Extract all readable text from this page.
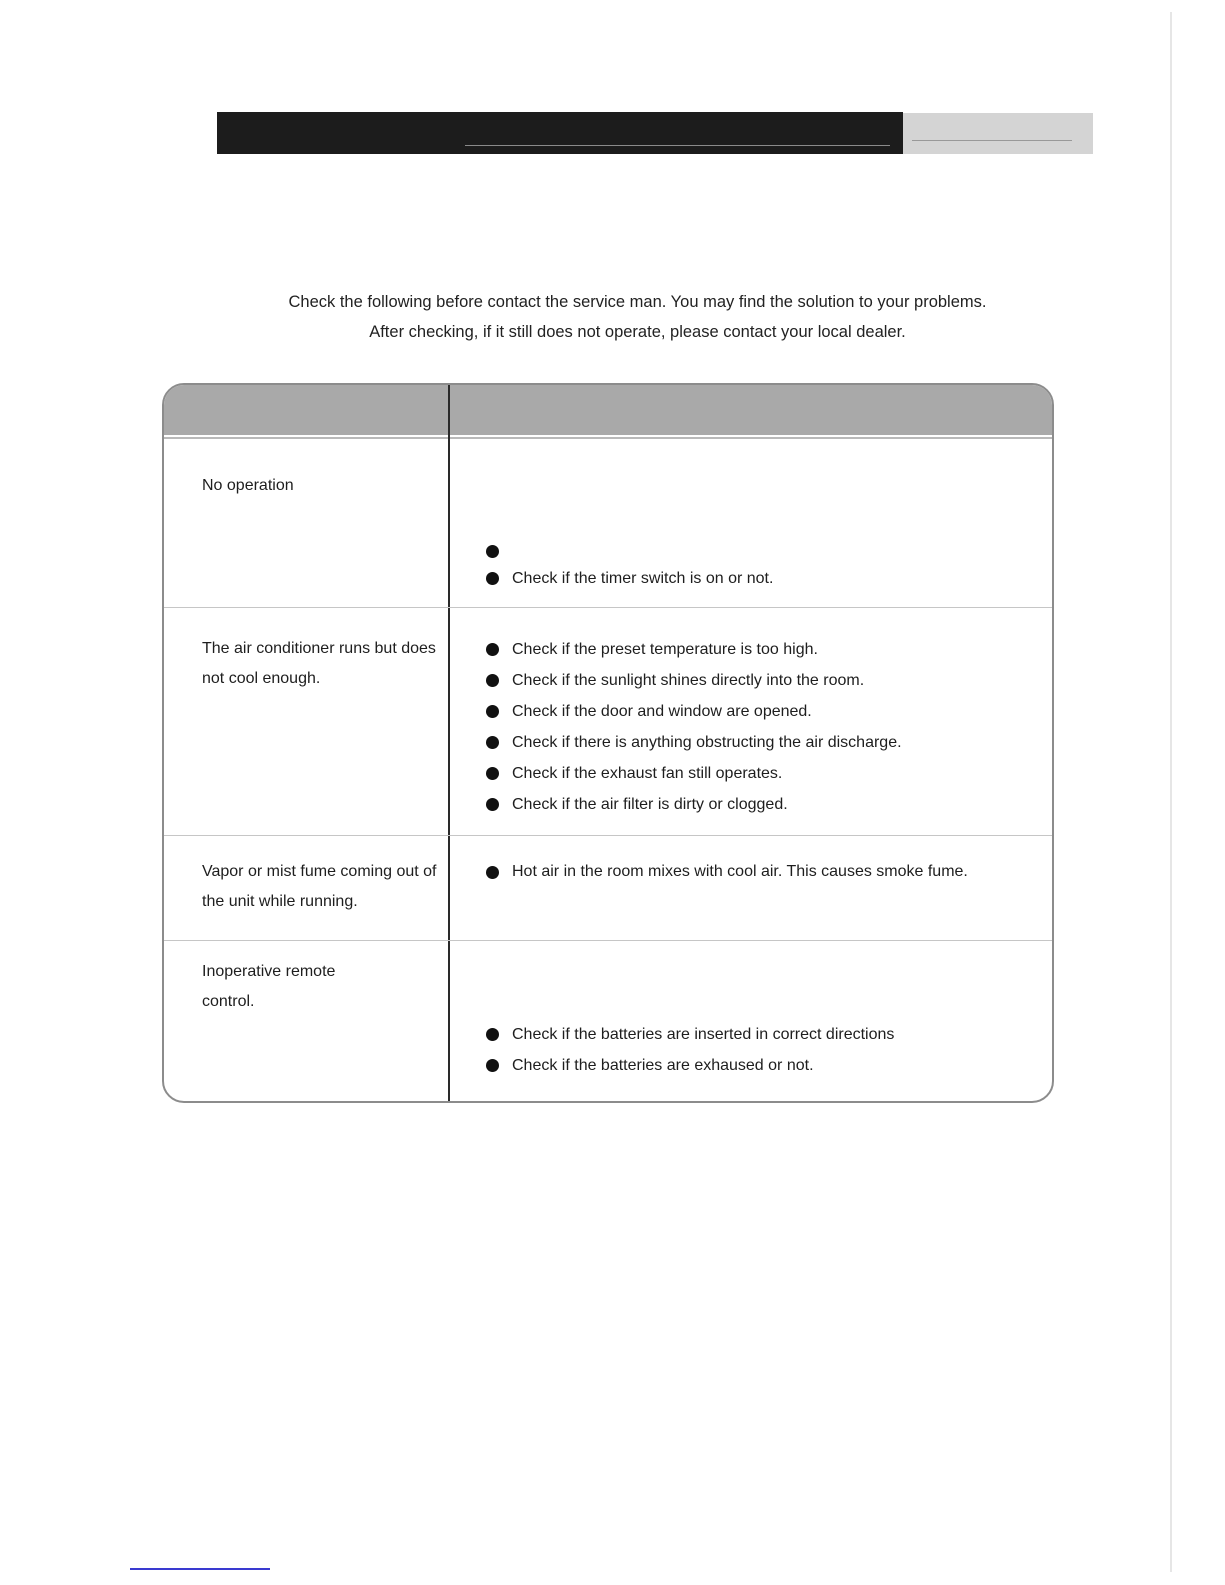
Check the following before contact the service man. You may find the solution to your problems.
After checking, if it still does not operate, please contact your local dealer.
No operation
Check if the timer switch is on or not.
The air conditioner runs but does not cool enough.
Check if the preset temperature is too high.
Check if the sunlight shines directly into the room.
Check if the door and window are opened.
Check if there is anything obstructing the air discharge.
Check if the exhaust fan still operates.
Check if the air filter is dirty or clogged.
Vapor or mist fume coming out of the unit while running.
Hot air in the room mixes with cool air. This causes smoke fume.
Inoperative remote control.
Check if the batteries are inserted in correct directions
Check if the batteries are exhaused or not.
